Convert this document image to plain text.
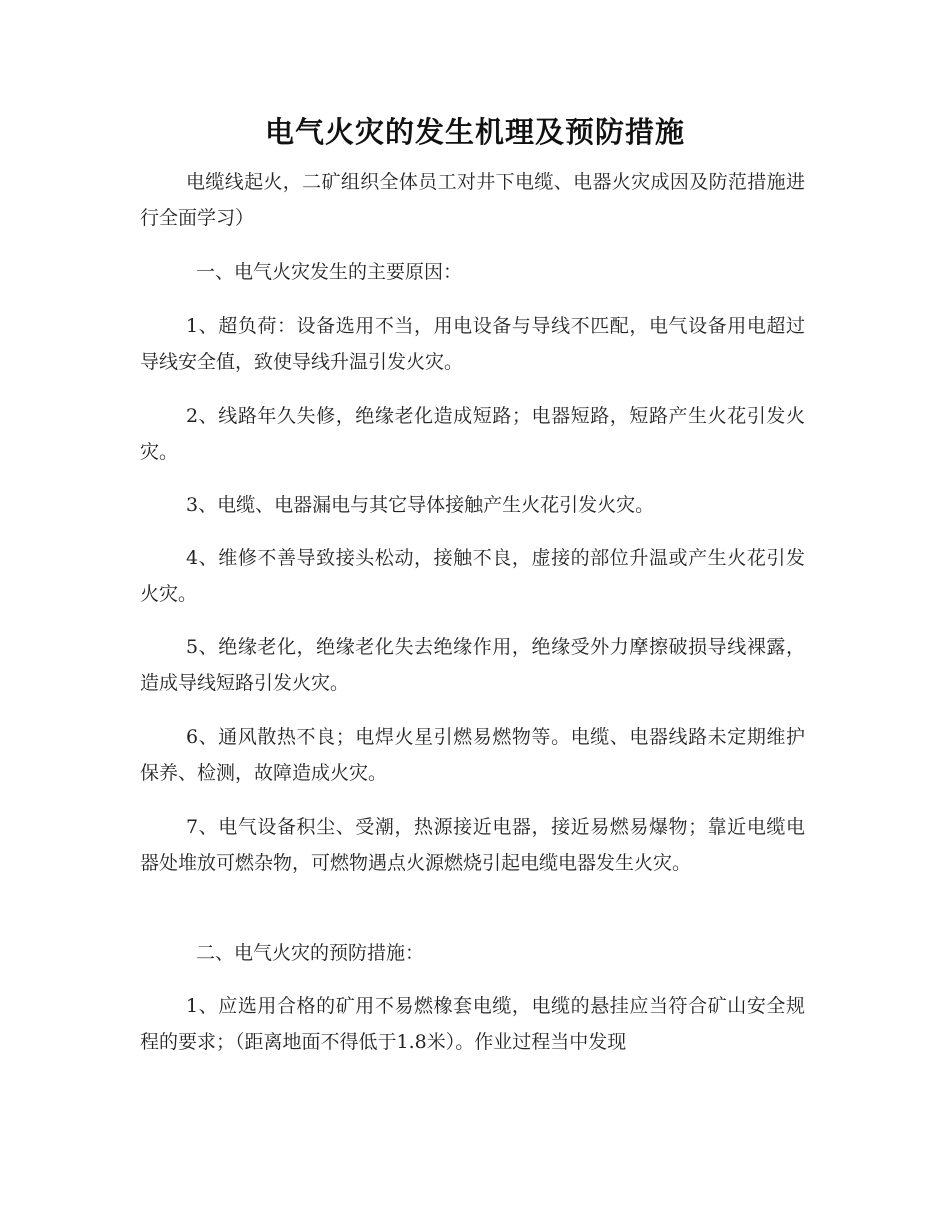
电气火灾的发生机理及预防措施

电缆线起火，二矿组织全体员工对井下电缆、电器火灾成因及防范措施进行全面学习）

一、电气火灾发生的主要原因：

1、超负荷：设备选用不当，用电设备与导线不匹配，电气设备用电超过导线安全值，致使导线升温引发火灾。

2、线路年久失修，绝缘老化造成短路；电器短路，短路产生火花引发火灾。

3、电缆、电器漏电与其它导体接触产生火花引发火灾。

4、维修不善导致接头松动，接触不良，虚接的部位升温或产生火花引发火灾。

5、绝缘老化，绝缘老化失去绝缘作用，绝缘受外力摩擦破损导线裸露，造成导线短路引发火灾。

6、通风散热不良；电焊火星引燃易燃物等。电缆、电器线路未定期维护保养、检测，故障造成火灾。

7、电气设备积尘、受潮，热源接近电器，接近易燃易爆物；靠近电缆电器处堆放可燃杂物，可燃物遇点火源燃烧引起电缆电器发生火灾。

二、电气火灾的预防措施：

1、应选用合格的矿用不易燃橡套电缆，电缆的悬挂应当符合矿山安全规程的要求；（距离地面不得低于1.8米）。作业过程当中发现
